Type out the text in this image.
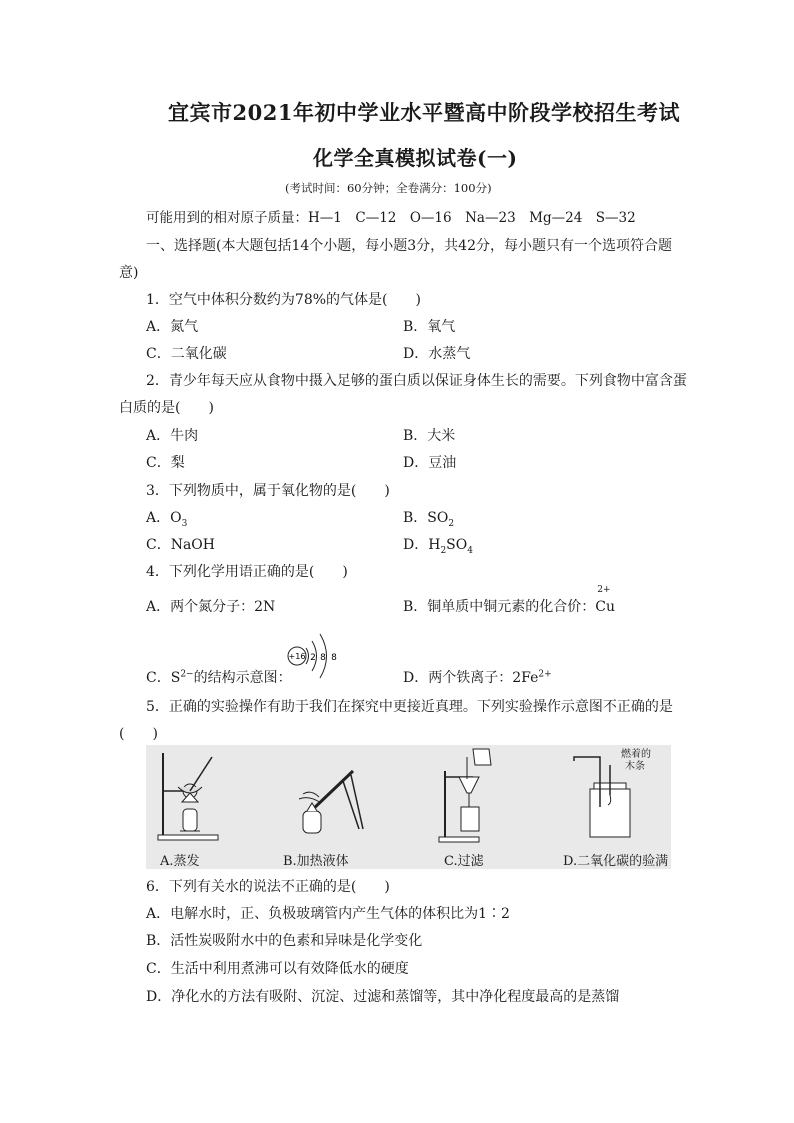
宜宾市2021年初中学业水平暨高中阶段学校招生考试
化学全真模拟试卷(一)
(考试时间：60分钟；全卷满分：100分)
可能用到的相对原子质量：H—1　C—12　O—16　Na—23　Mg—24　S—32
一、选择题(本大题包括14个小题，每小题3分，共42分，每小题只有一个选项符合题
意)
1．空气中体积分数约为78%的气体是(　　)
A．氮气	B．氧气
C．二氧化碳	D．水蒸气
2．青少年每天应从食物中摄入足够的蛋白质以保证身体生长的需要。下列食物中富含蛋
白质的是(　　)
A．牛肉	B．大米
C．梨	D．豆油
3．下列物质中，属于氧化物的是(　　)
A．$O_3$	B．$SO_2$
C．NaOH	D．$H_2SO_4$
4．下列化学用语正确的是(　　)
A．两个氮分子：2N	B．铜单质中铜元素的化合价：
2+
Cu
C．$S^{2-}$的结构示意图：
+16 2 8 8
D．两个铁离子：$2Fe^{2+}$
5．正确的实验操作有助于我们在探究中更接近真理。下列实验操作示意图不正确的是
(　　)
燃着的
木条
A.蒸发	B.加热液体	C.过滤	D.二氧化碳的验满
6．下列有关水的说法不正确的是(　　)
A．电解水时，正、负极玻璃管内产生气体的体积比为1∶2
B．活性炭吸附水中的色素和异味是化学变化
C．生活中利用煮沸可以有效降低水的硬度
D．净化水的方法有吸附、沉淀、过滤和蒸馏等，其中净化程度最高的是蒸馏
